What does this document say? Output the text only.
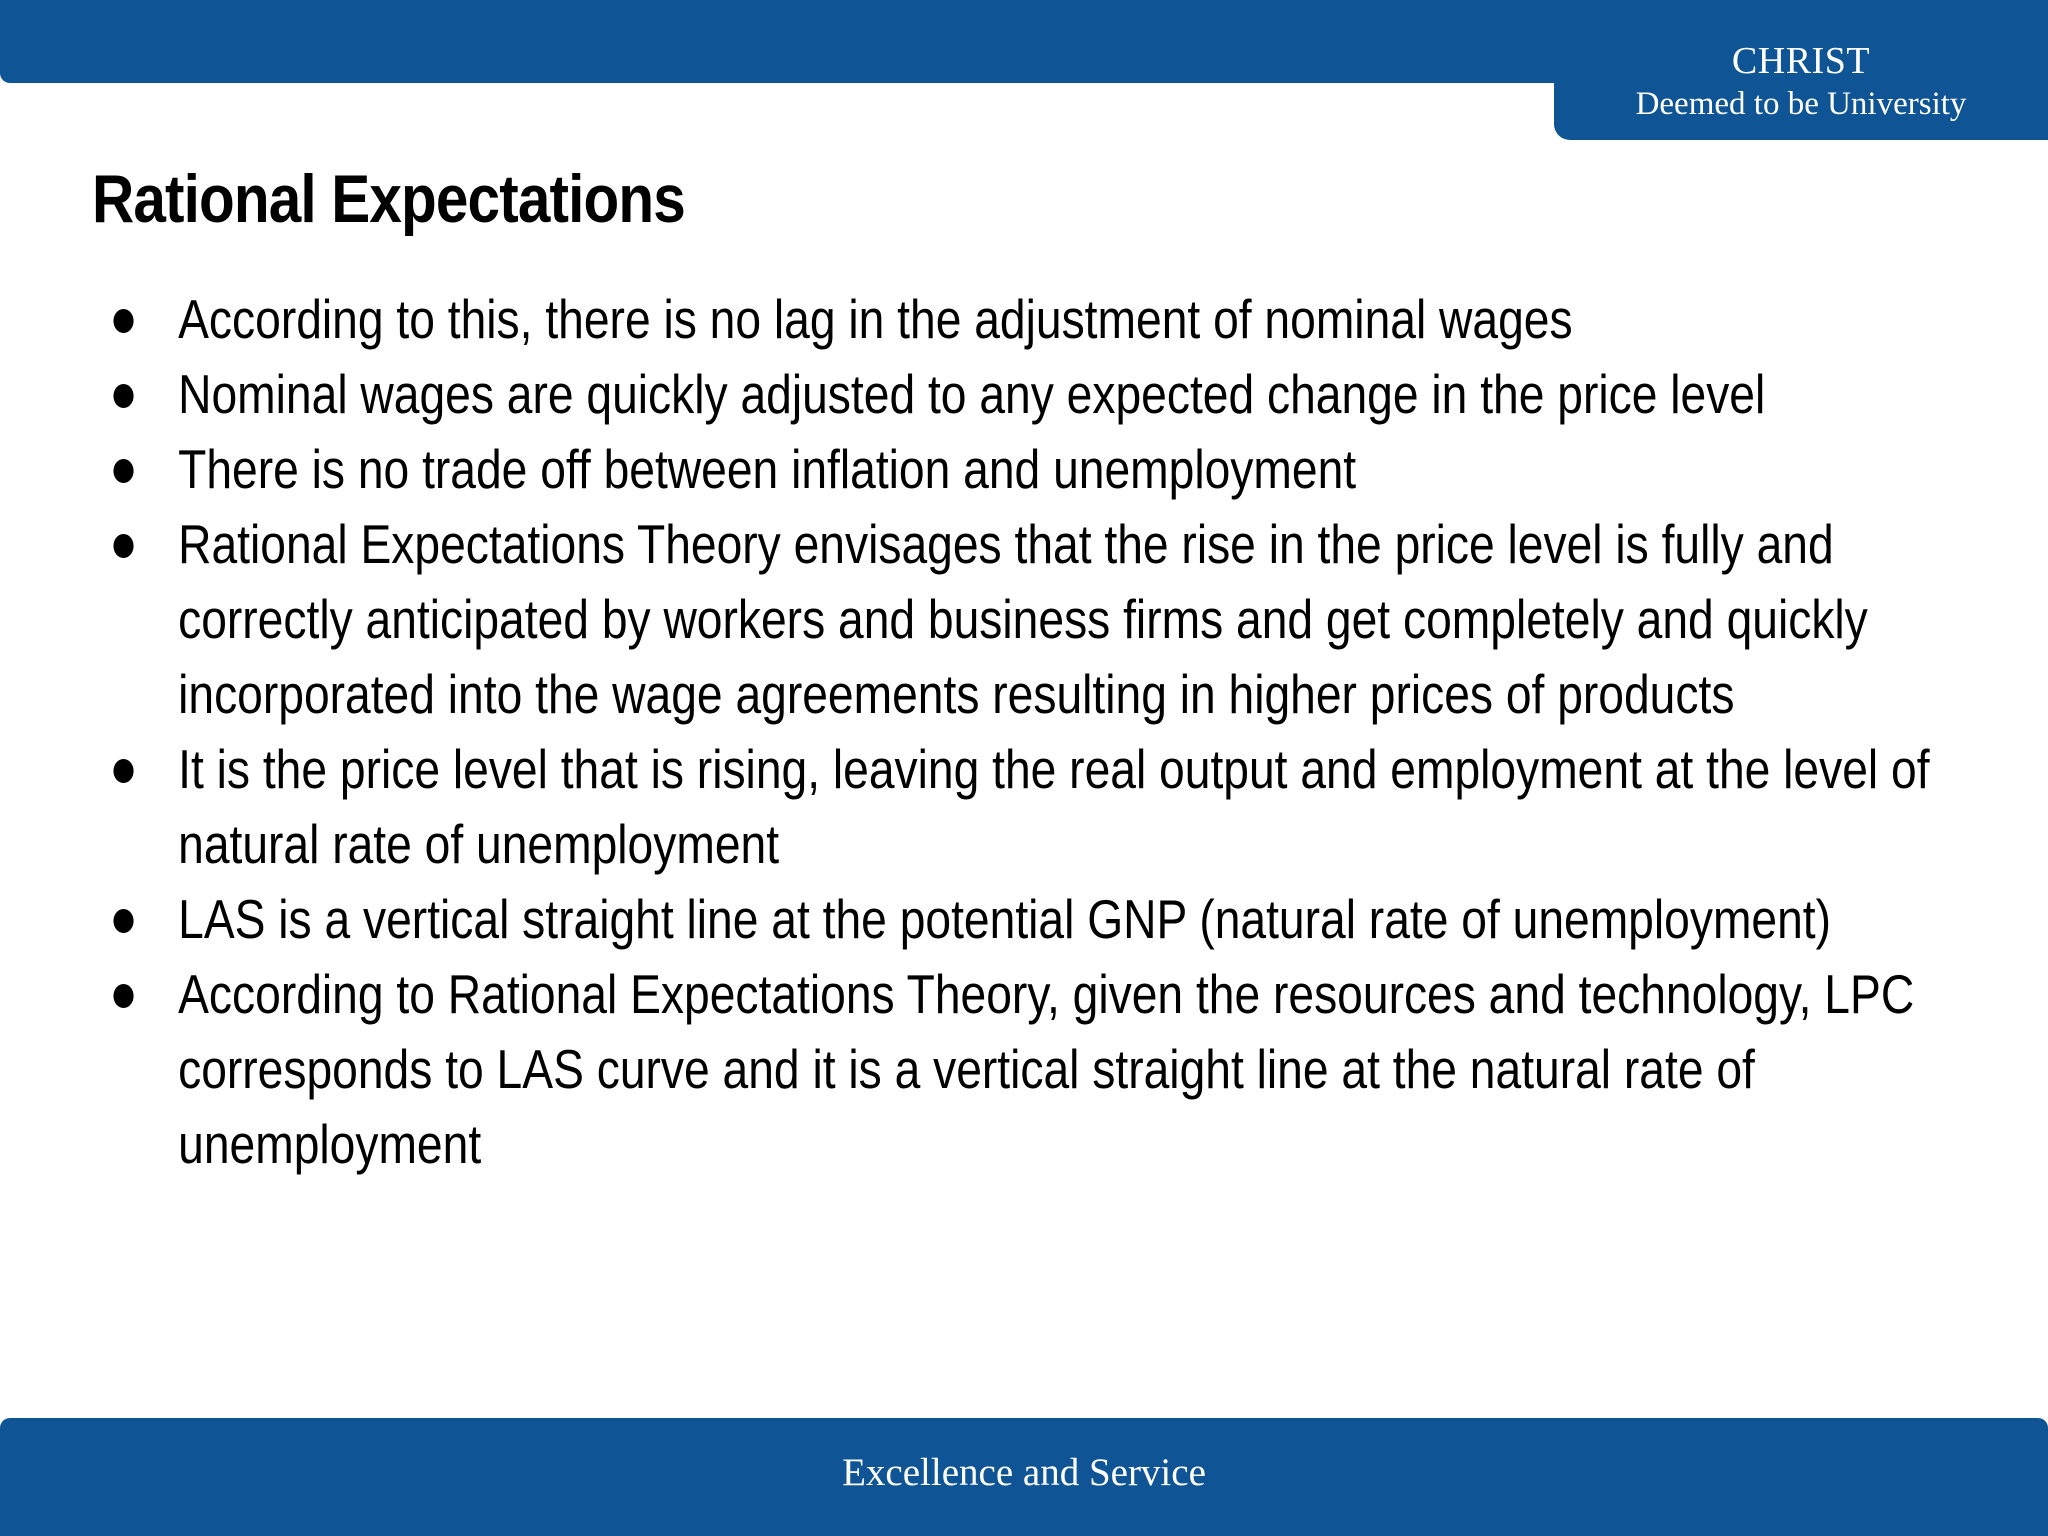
CHRIST
Deemed to be University
Rational Expectations
According to this, there is no lag in the adjustment of nominal wages
Nominal wages are quickly adjusted to any expected change in the price level
There is no trade off between inflation and unemployment
Rational Expectations Theory envisages that the rise in the price level is fully and correctly anticipated by workers and business firms and get completely and quickly incorporated into the wage agreements resulting in higher prices of products
It is the price level that is rising, leaving the real output and employment at the level of natural rate of unemployment
LAS is a vertical straight line at the potential GNP (natural rate of unemployment)
According to Rational Expectations Theory, given the resources and technology, LPC corresponds to LAS curve and it is a vertical straight line at the natural rate of unemployment
Excellence and Service
